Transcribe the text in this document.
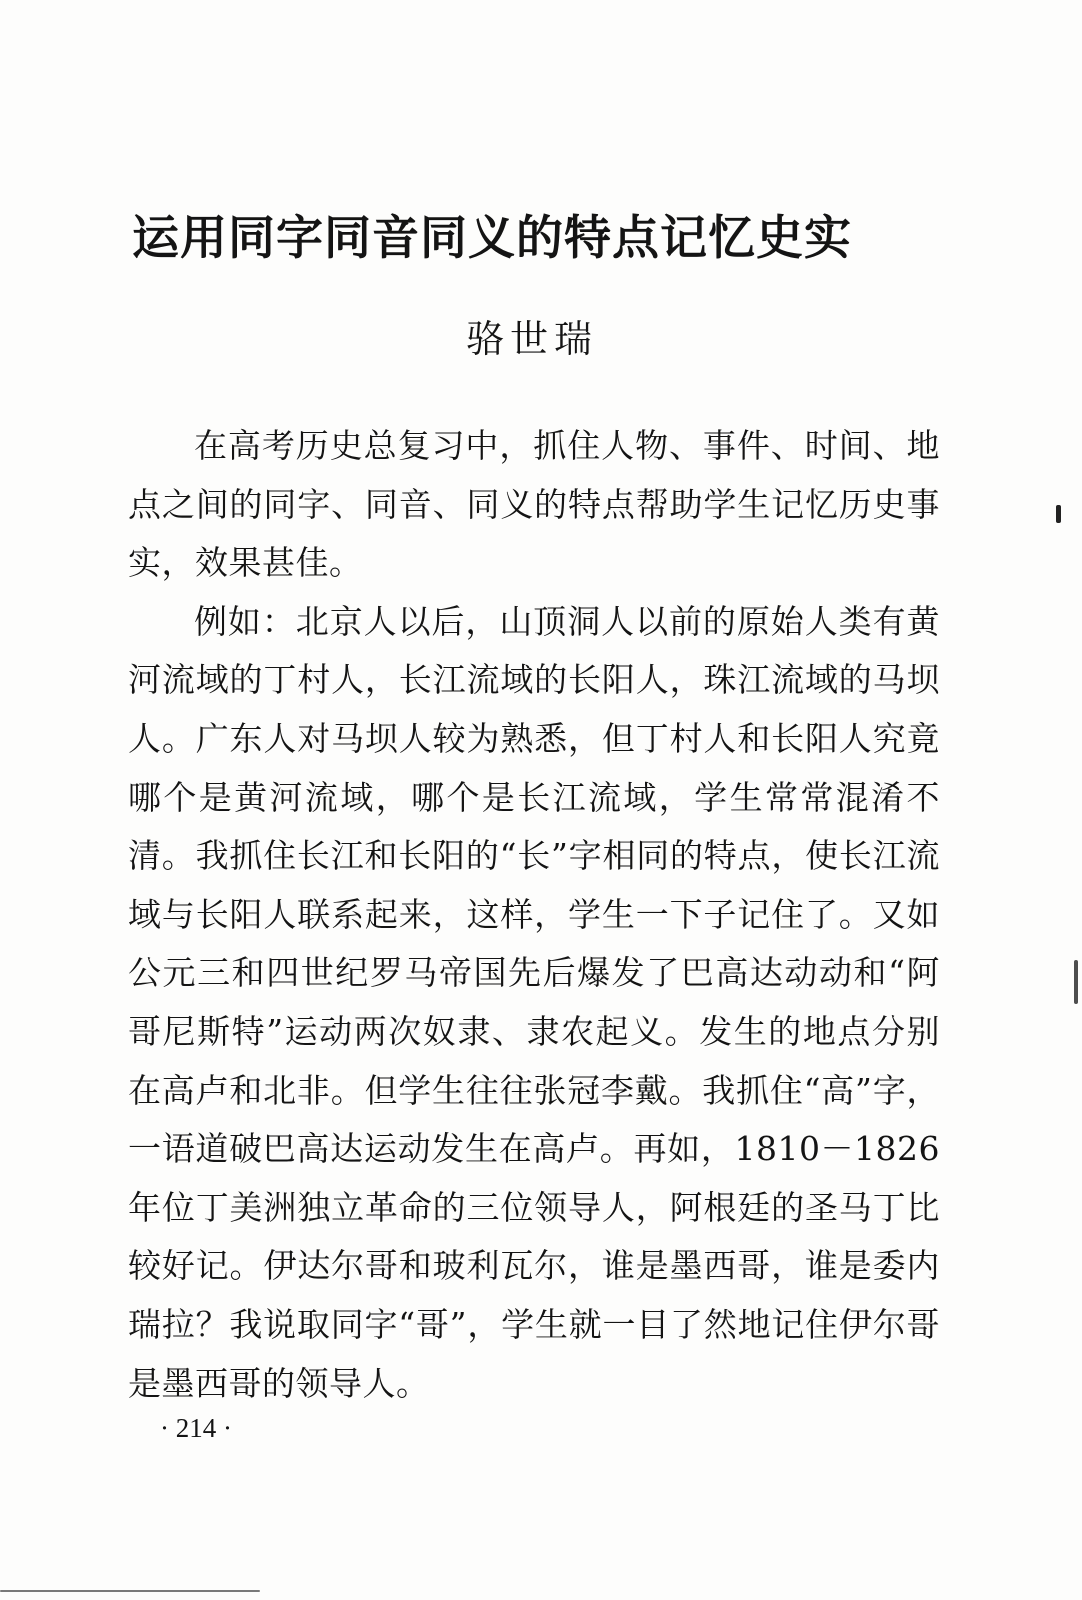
运用同字同音同义的特点记忆史实
骆世瑞

在高考历史总复习中，抓住人物、事件、时间、地点之间的同字、同音、同义的特点帮助学生记忆历史事实，效果甚佳。

例如：北京人以后，山顶洞人以前的原始人类有黄河流域的丁村人，长江流域的长阳人，珠江流域的马坝人。广东人对马坝人较为熟悉，但丁村人和长阳人究竟哪个是黄河流域，哪个是长江流域，学生常常混淆不清。我抓住长江和长阳的“长”字相同的特点，使长江流域与长阳人联系起来，这样，学生一下子记住了。又如公元三和四世纪罗马帝国先后爆发了巴高达动动和“阿哥尼斯特”运动两次奴隶、隶农起义。发生的地点分别在高卢和北非。但学生往往张冠李戴。我抓住“高”字，一语道破巴高达运动发生在高卢。再如，1810－1826年位丁美洲独立革命的三位领导人，阿根廷的圣马丁比较好记。伊达尔哥和玻利瓦尔，谁是墨西哥，谁是委内瑞拉？我说取同字“哥”，学生就一目了然地记住伊尔哥是墨西哥的领导人。

· 214 ·
